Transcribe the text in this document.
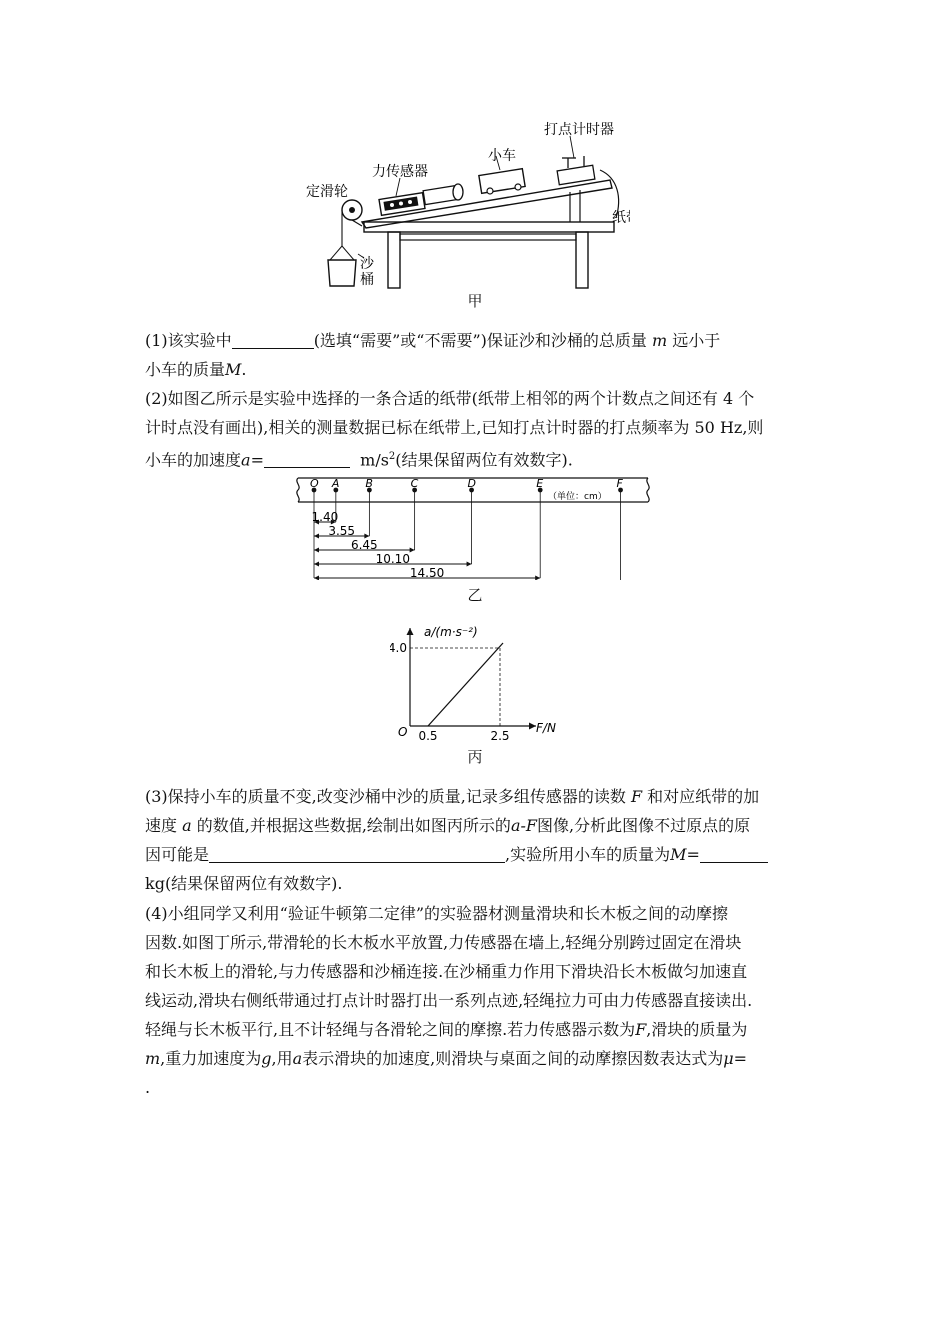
打点计时器
小车
力传感器
定滑轮
纸
沙
桶
甲

(1)该实验中	(选填“需要”或“不需要”)保证沙和沙桶的总质量 m 远小于
小车的质量M.

(2)如图乙所示是实验中选择的一条合适的纸带(纸带上相邻的两个计数点之间还有 4 个
计时点没有画出),相关的测量数据已标在纸带上,已知打点计时器的打点频率为 50 Hz,则
小车的加速度a=	$m/s^2$(结果保留两位有效数字).

（单位：cm）
O A B	C	D	E	F
1.40
3.55
6.45
10.10
14.50
乙
a/(m·s⁻²)
F/N
O 0.5	2.5
4.0
丙

(3)保持小车的质量不变,改变沙桶中沙的质量,记录多组传感器的读数 F 和对应纸带的加
速度 a 的数值,并根据这些数据,绘制出如图丙所示的a-F图像,分析此图像不过原点的原
因可能是	,实验所用小车的质量为M=
kg(结果保留两位有效数字).

(4)小组同学又利用“验证牛顿第二定律”的实验器材测量滑块和长木板之间的动摩擦
因数.如图丁所示,带滑轮的长木板水平放置,力传感器在墙上,轻绳分别跨过固定在滑块
和长木板上的滑轮,与力传感器和沙桶连接.在沙桶重力作用下滑块沿长木板做匀加速直
线运动,滑块右侧纸带通过打点计时器打出一系列点迹,轻绳拉力可由力传感器直接读出.
轻绳与长木板平行,且不计轻绳与各滑轮之间的摩擦.若力传感器示数为F,滑块的质量为
m,重力加速度为g,用a表示滑块的加速度,则滑块与桌面之间的动摩擦因数表达式为μ=
.
